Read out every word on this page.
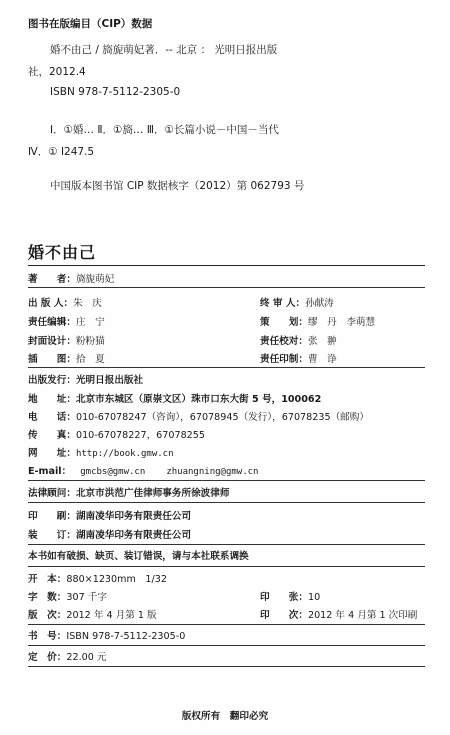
图书在版编目（CIP）数据
婚不由己 / 旖旎萌妃著．-- 北京 ： 光明日报出版
社，2012.4
ISBN 978-7-5112-2305-0
Ⅰ．①婚… Ⅱ．①旖… Ⅲ．①长篇小说－中国－当代
Ⅳ．① I247.5
中国版本图书馆 CIP 数据核字（2012）第 062793 号
婚不由己
著　　者：旖旎萌妃
出 版 人：朱　庆	终 审 人：孙献涛
责任编辑：庄　宁	策　　划：缪　丹　李萌慧
封面设计：粉粉猫	责任校对：张　翀
插　　图：拾　夏	责任印制：曹　诤
出版发行：光明日报出版社
地　　址：北京市东城区（原崇文区）珠市口东大街 5 号，100062
电　　话：010-67078247（咨询），67078945（发行），67078235（邮购）
传　　真：010-67078227，67078255
网　　址：http://book.gmw.cn
E-mail： gmcbs@gmw.cn zhuangning@gmw.cn
法律顾问：北京市洪范广佳律师事务所徐波律师
印　　刷：湖南凌华印务有限责任公司
装　　订：湖南凌华印务有限责任公司
本书如有破损、缺页、装订错误，请与本社联系调换
开　本：880×1230mm　1/32
字　数：307 千字	印　　张：10
版　次：2012 年 4 月第 1 版	印　　次：2012 年 4 月第 1 次印刷
书　号：ISBN 978-7-5112-2305-0
定　价：22.00 元
版权所有　翻印必究
